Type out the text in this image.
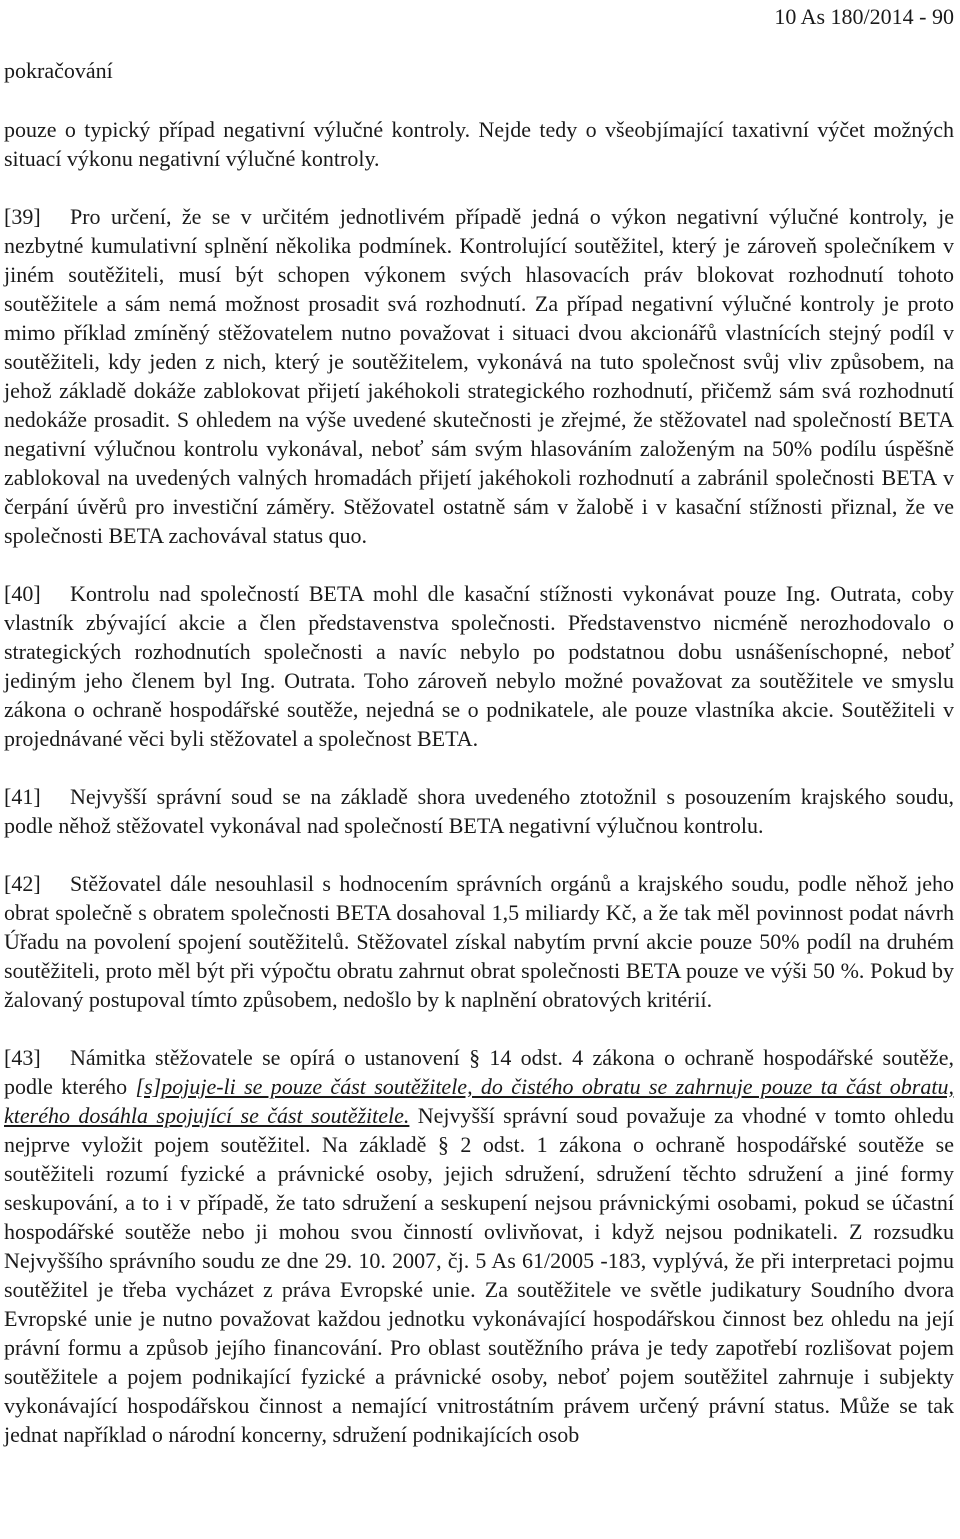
10 As 180/2014 - 90
pokračování

pouze o typický případ negativní výlučné kontroly. Nejde tedy o všeobjímající taxativní výčet možných situací výkonu negativní výlučné kontroly.

[39] Pro určení, že se v určitém jednotlivém případě jedná o výkon negativní výlučné kontroly, je nezbytné kumulativní splnění několika podmínek. Kontrolující soutěžitel, který je zároveň společníkem v jiném soutěžiteli, musí být schopen výkonem svých hlasovacích práv blokovat rozhodnutí tohoto soutěžitele a sám nemá možnost prosadit svá rozhodnutí. Za případ negativní výlučné kontroly je proto mimo příklad zmíněný stěžovatelem nutno považovat i situaci dvou akcionářů vlastnících stejný podíl v soutěžiteli, kdy jeden z nich, který je soutěžitelem, vykonává na tuto společnost svůj vliv způsobem, na jehož základě dokáže zablokovat přijetí jakéhokoli strategického rozhodnutí, přičemž sám svá rozhodnutí nedokáže prosadit. S ohledem na výše uvedené skutečnosti je zřejmé, že stěžovatel nad společností BETA negativní výlučnou kontrolu vykonával, neboť sám svým hlasováním založeným na 50% podílu úspěšně zablokoval na uvedených valných hromadách přijetí jakéhokoli rozhodnutí a zabránil společnosti BETA v čerpání úvěrů pro investiční záměry. Stěžovatel ostatně sám v žalobě i v kasační stížnosti přiznal, že ve společnosti BETA zachovával status quo.

[40] Kontrolu nad společností BETA mohl dle kasační stížnosti vykonávat pouze Ing. Outrata, coby vlastník zbývající akcie a člen představenstva společnosti. Představenstvo nicméně nerozhodovalo o strategických rozhodnutích společnosti a navíc nebylo po podstatnou dobu usnášeníschopné, neboť jediným jeho členem byl Ing. Outrata. Toho zároveň nebylo možné považovat za soutěžitele ve smyslu zákona o ochraně hospodářské soutěže, nejedná se o podnikatele, ale pouze vlastníka akcie. Soutěžiteli v projednávané věci byli stěžovatel a společnost BETA.

[41] Nejvyšší správní soud se na základě shora uvedeného ztotožnil s posouzením krajského soudu, podle něhož stěžovatel vykonával nad společností BETA negativní výlučnou kontrolu.

[42] Stěžovatel dále nesouhlasil s hodnocením správních orgánů a krajského soudu, podle něhož jeho obrat společně s obratem společnosti BETA dosahoval 1,5 miliardy Kč, a že tak měl povinnost podat návrh Úřadu na povolení spojení soutěžitelů. Stěžovatel získal nabytím první akcie pouze 50% podíl na druhém soutěžiteli, proto měl být při výpočtu obratu zahrnut obrat společnosti BETA pouze ve výši 50 %. Pokud by žalovaný postupoval tímto způsobem, nedošlo by k naplnění obratových kritérií.

[43] Námitka stěžovatele se opírá o ustanovení § 14 odst. 4 zákona o ochraně hospodářské soutěže, podle kterého [s]pojuje-li se pouze část soutěžitele, do čistého obratu se zahrnuje pouze ta část obratu, kterého dosáhla spojující se část soutěžitele. Nejvyšší správní soud považuje za vhodné v tomto ohledu nejprve vyložit pojem soutěžitel. Na základě § 2 odst. 1 zákona o ochraně hospodářské soutěže se soutěžiteli rozumí fyzické a právnické osoby, jejich sdružení, sdružení těchto sdružení a jiné formy seskupování, a to i v případě, že tato sdružení a seskupení nejsou právnickými osobami, pokud se účastní hospodářské soutěže nebo ji mohou svou činností ovlivňovat, i když nejsou podnikateli. Z rozsudku Nejvyššího správního soudu ze dne 29. 10. 2007, čj. 5 As 61/2005 -183, vyplývá, že při interpretaci pojmu soutěžitel je třeba vycházet z práva Evropské unie. Za soutěžitele ve světle judikatury Soudního dvora Evropské unie je nutno považovat každou jednotku vykonávající hospodářskou činnost bez ohledu na její právní formu a způsob jejího financování. Pro oblast soutěžního práva je tedy zapotřebí rozlišovat pojem soutěžitele a pojem podnikající fyzické a právnické osoby, neboť pojem soutěžitel zahrnuje i subjekty vykonávající hospodářskou činnost a nemající vnitrostátním právem určený právní status. Může se tak jednat například o národní koncerny, sdružení podnikajících osob
